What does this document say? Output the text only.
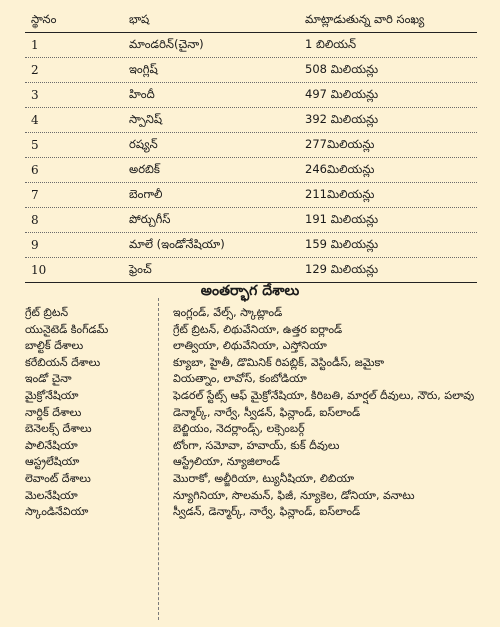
స్థానం	భాష	మాట్లాడుతున్న వారి సంఖ్య
1	మాండరిన్(చైనా)	1 బిలియన్
2	ఇంగ్లిష్	508 మిలియన్లు
3	హిందీ	497 మిలియన్లు
4	స్పానిష్	392 మిలియన్లు
5	రష్యన్	277మిలియన్లు
6	అరబిక్	246మిలియన్లు
7	బెంగాలీ	211మిలియన్లు
8	పోర్చుగీస్	191 మిలియన్లు
9	మాలే (ఇండోనేషియా)	159 మిలియన్లు
10	ఫ్రెంచ్	129 మిలియన్లు
అంతర్భాగ దేశాలు
గ్రేట్ బ్రిటన్	ఇంగ్లండ్, వేల్స్, స్కాట్లాండ్
యునైటెడ్ కింగ్‌డమ్	గ్రేట్ బ్రిటన్, లిథువేనియా, ఉత్తర ఐర్లాండ్
బాల్టిక్ దేశాలు	లాత్వియా, లిథువేనియా, ఎస్తోనియా
కరేబియన్ దేశాలు	క్యూబా, హైతీ, డొమినిక్ రిపబ్లిక్, వెస్టిండీస్, జమైకా
ఇండో చైనా	వియత్నాం, లావోస్, కంబోడియా
మైక్రోనేషియా	ఫెడరల్ స్టేట్స్ ఆఫ్ మైక్రోనేషియా, కిరిబతి, మార్షల్ దీవులు, నౌరు, పలావు
నార్డిక్ దేశాలు	డెన్మార్క్, నార్వే, స్వీడన్, ఫిన్లాండ్, ఐస్‌లాండ్
బెనెలక్స్ దేశాలు	బెల్జియం, నెదర్లాండ్స్, లక్సెంబర్గ్
పాలినేషియా	టోంగా, సమోవా, హవాయ్, కుక్ దీవులు
ఆస్ట్రలేషియా	ఆస్ట్రేలియా, న్యూజిలాండ్
లెవాంట్ దేశాలు	మొరాకో, అల్జీరియా, ట్యునీషియా, లిబియా
మెలనేషియా	న్యూగినియా, సొలమన్, ఫిజీ, న్యూకెల, డోనియా, వనాటు
స్కాండినేవియా	స్వీడన్, డెన్మార్క్, నార్వే, ఫిన్లాండ్, ఐస్‌లాండ్
